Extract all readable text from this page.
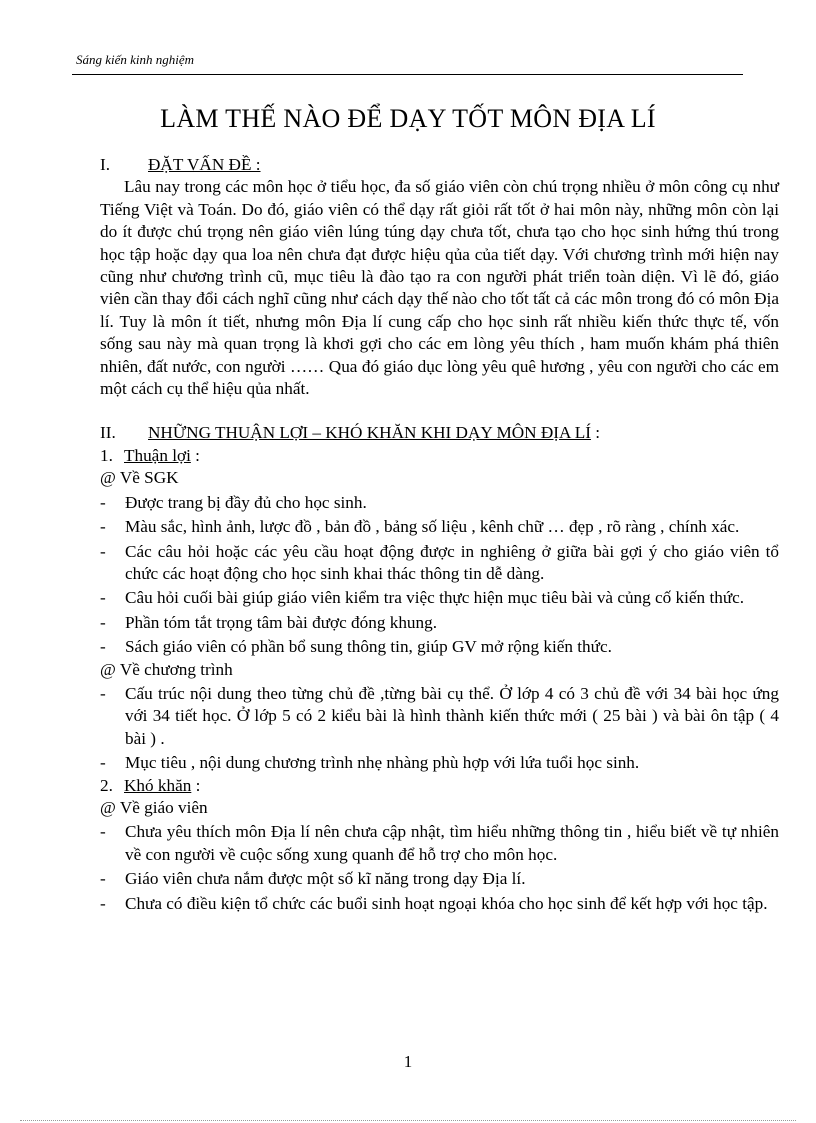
Sáng kiến kinh nghiệm
LÀM THẾ NÀO ĐỂ DẠY TỐT MÔN ĐỊA LÍ
I.	ĐẶT VẤN ĐỀ :

Lâu nay trong các môn học ở tiểu học, đa số giáo viên còn chú trọng nhiều ở môn công cụ như Tiếng Việt và Toán. Do đó, giáo viên có thể dạy rất giỏi rất tốt ở hai môn này, những môn còn lại do ít được chú trọng nên giáo viên lúng túng dạy chưa tốt, chưa tạo cho học sinh hứng thú trong học tập hoặc dạy qua loa nên chưa đạt được hiệu qủa của tiết dạy. Với chương trình mới hiện nay cũng như chương trình cũ, mục tiêu là đào tạo ra con người phát triển toàn diện. Vì lẽ đó, giáo viên cần thay đổi cách nghĩ cũng như cách dạy thế nào cho tốt tất cả các môn trong đó có môn Địa lí. Tuy là môn ít tiết, nhưng môn Địa lí cung cấp cho học sinh rất nhiều kiến thức thực tế, vốn sống sau này mà quan trọng là khơi gợi cho các em lòng yêu thích , ham muốn khám phá thiên nhiên, đất nước, con người …… Qua đó giáo dục lòng yêu quê hương , yêu con người cho các em một cách cụ thể hiệu qủa nhất.

II.	NHỮNG THUẬN LỢI – KHÓ KHĂN KHI DẠY MÔN ĐỊA LÍ :
1. Thuận lợi :
@ Về SGK
-	Được trang bị đầy đủ cho học sinh.
-	Màu sắc, hình ảnh, lược đồ , bản đồ , bảng số liệu , kênh chữ … đẹp , rõ ràng , chính xác.
-	Các câu hỏi hoặc các yêu cầu hoạt động được in nghiêng ở giữa bài gợi ý cho giáo viên tổ chức các hoạt động cho học sinh khai thác thông tin dễ dàng.
-	Câu hỏi cuối bài giúp giáo viên kiểm tra việc thực hiện mục tiêu bài và củng cố kiến thức.
-	Phần tóm tắt trọng tâm bài được đóng khung.
-	Sách giáo viên có phần bổ sung thông tin, giúp GV mở rộng kiến thức.
@ Về chương trình
-	Cấu trúc nội dung theo từng chủ đề ,từng bài cụ thể. Ở lớp 4 có 3 chủ đề với 34 bài học ứng với 34 tiết học. Ở lớp 5 có 2 kiểu bài là hình thành kiến thức mới ( 25 bài ) và bài ôn tập ( 4 bài ) .
-	Mục tiêu , nội dung chương trình nhẹ nhàng phù hợp với lứa tuổi học sinh.
2. Khó khăn :
@ Về giáo viên
-	Chưa yêu thích môn Địa lí nên chưa cập nhật, tìm hiểu những thông tin , hiểu biết về tự nhiên về con người về cuộc sống xung quanh để hỗ trợ cho môn học.
-	Giáo viên chưa nắm được một số kĩ năng trong dạy Địa lí.
-	Chưa có điều kiện tổ chức các buổi sinh hoạt ngoại khóa cho học sinh để kết hợp với học tập.
1
